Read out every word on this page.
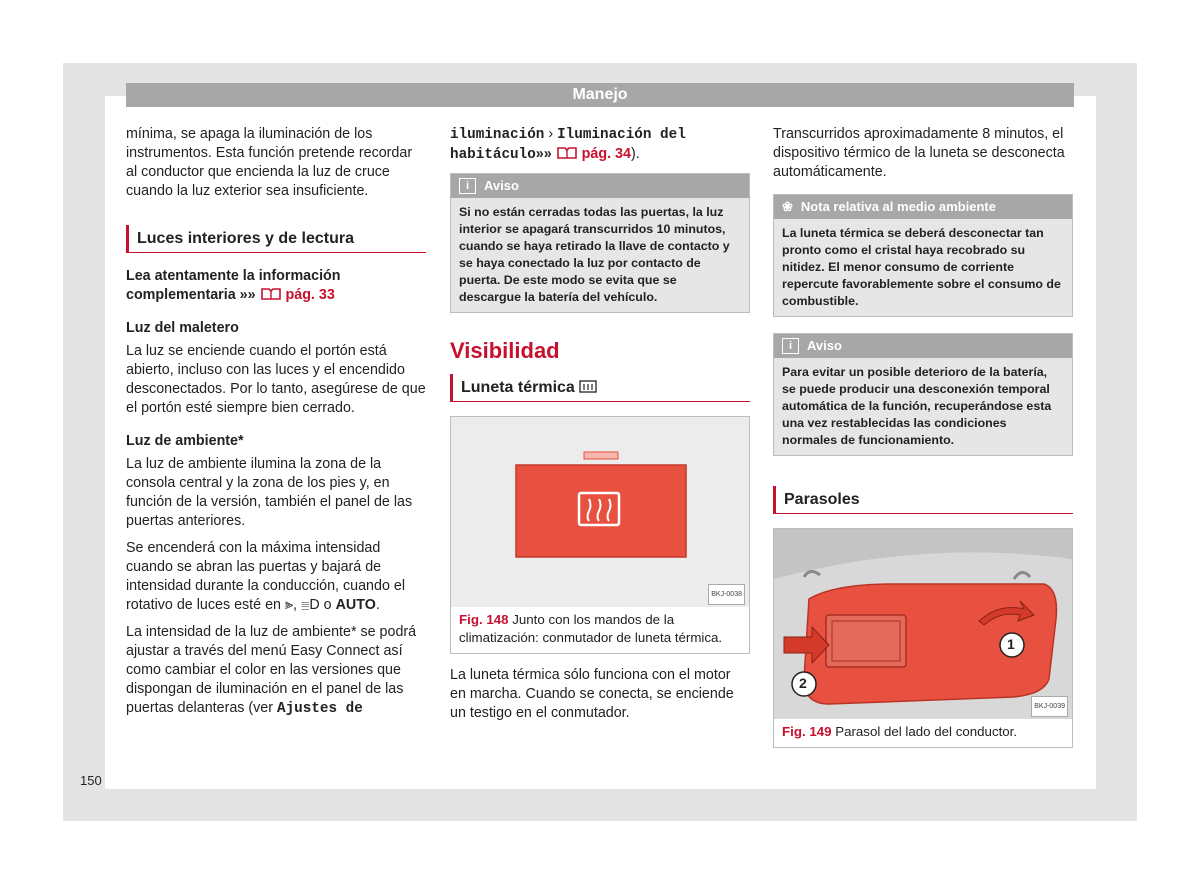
Manejo

mínima, se apaga la iluminación de los instrumentos. Esta función pretende recordar al conductor que encienda la luz de cruce cuando la luz exterior sea insuficiente.

Luces interiores y de lectura

Lea atentamente la información complementaria »» pág. 33

Luz del maletero

La luz se enciende cuando el portón está abierto, incluso con las luces y el encendido desconectados. Por lo tanto, asegúrese de que el portón esté siempre bien cerrado.

Luz de ambiente*

La luz de ambiente ilumina la zona de la consola central y la zona de los pies y, en función de la versión, también el panel de las puertas anteriores.

Se encenderá con la máxima intensidad cuando se abran las puertas y bajará de intensidad durante la conducción, cuando el rotativo de luces esté en ⫸, ≣D o AUTO.

La intensidad de la luz de ambiente* se podrá ajustar a través del menú Easy Connect así como cambiar el color en las versiones que dispongan de iluminación en el panel de las puertas delanteras (ver Ajustes de

iluminación › Iluminación del habitáculo»» pág. 34).

i Aviso
Si no están cerradas todas las puertas, la luz interior se apagará transcurridos 10 minutos, cuando se haya retirado la llave de contacto y se haya conectado la luz por contacto de puerta. De este modo se evita que se descargue la batería del vehículo.
Visibilidad
Luneta térmica
BKJ-0038
Fig. 148 Junto con los mandos de la climatización: conmutador de luneta térmica.

La luneta térmica sólo funciona con el motor en marcha. Cuando se conecta, se enciende un testigo en el conmutador.

Transcurridos aproximadamente 8 minutos, el dispositivo térmico de la luneta se desconecta automáticamente.

❀ Nota relativa al medio ambiente
La luneta térmica se deberá desconectar tan pronto como el cristal haya recobrado su nitidez. El menor consumo de corriente repercute favorablemente sobre el consumo de combustible.
i Aviso
Para evitar un posible deterioro de la batería, se puede producir una desconexión temporal automática de la función, recuperándose esta una vez restablecidas las condiciones normales de funcionamiento.
Parasoles
1
2
BKJ-0039
Fig. 149 Parasol del lado del conductor.
150
